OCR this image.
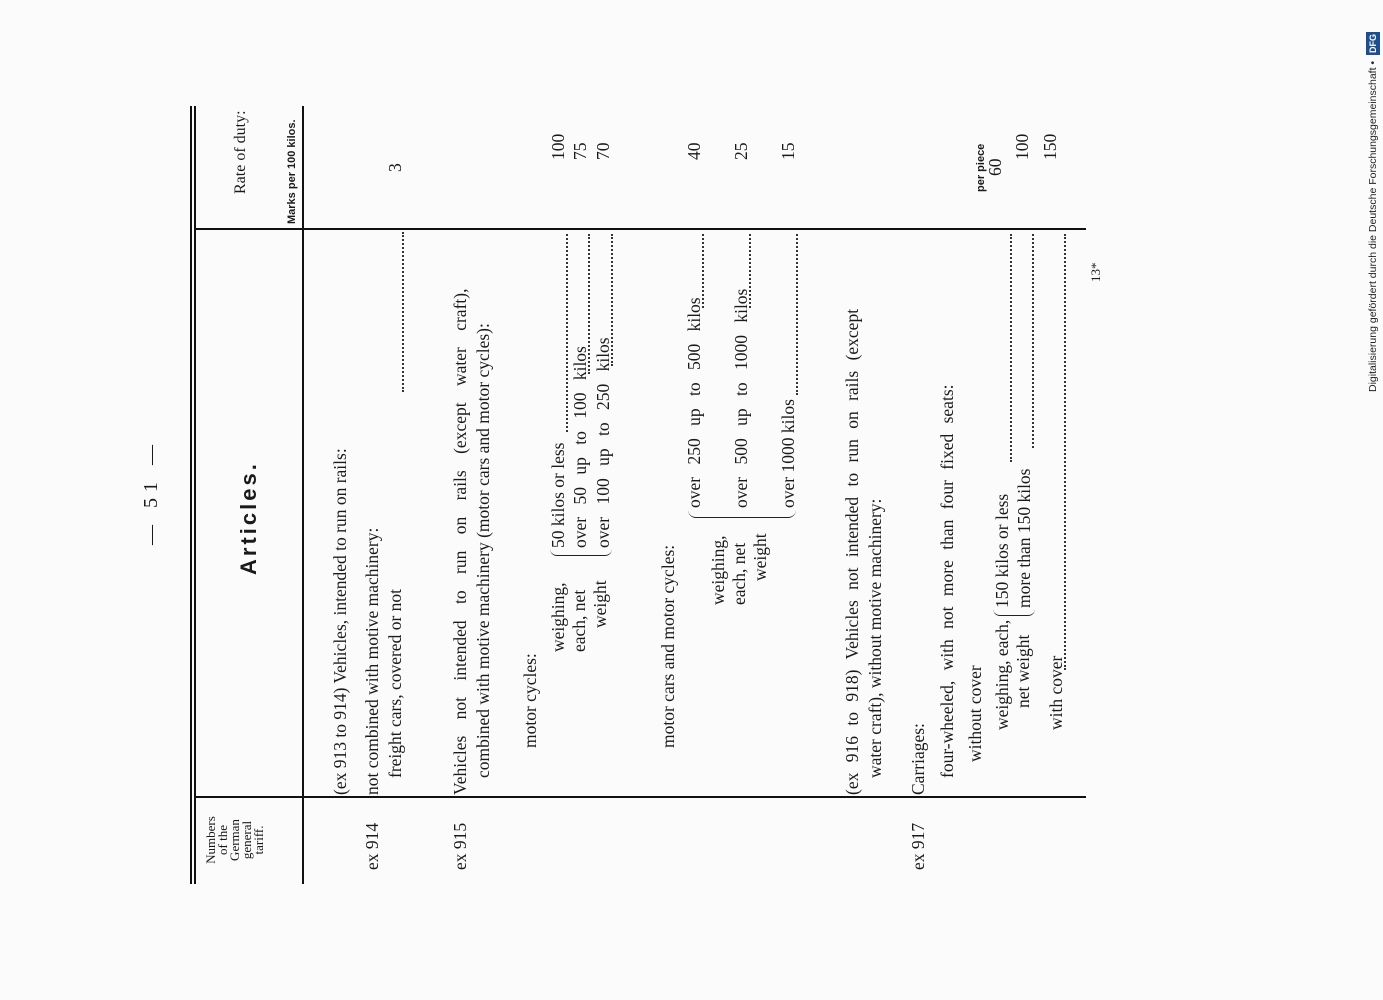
— 51 —
Numbers
of the
German
general
tariff.
Articles.
Rate of duty:	Marks per 100 kilos.
(ex 913 to 914) Vehicles, intended to run on rails:
ex 914
not combined with motive machinery: freight cars, covered or not
3
ex 915
Vehicles not intended to run on rails (except water craft), combined with motive machinery (motor cars and motor cycles): motor cycles:
weighing, each, net weight
50 kilos or less
100
over 50 up to 100 kilos
75
over 100 up to 250 kilos
70
motor cars and motor cycles: weighing, each, net weight
over 250 up to 500 kilos
40
over 500 up to 1000 kilos
25
over 1000 kilos
15
(ex 916 to 918) Vehicles not intended to run on rails (except water craft), without motive machinery:
ex 917
Carriages: four-wheeled, with not more than four fixed seats: without cover
per piece
60
weighing, each, net weight
150 kilos or less
100
more than 150 kilos
150
with cover
13*	Digitalisierung gefördert durch die Deutsche Forschungsgemeinschaft • DFG
